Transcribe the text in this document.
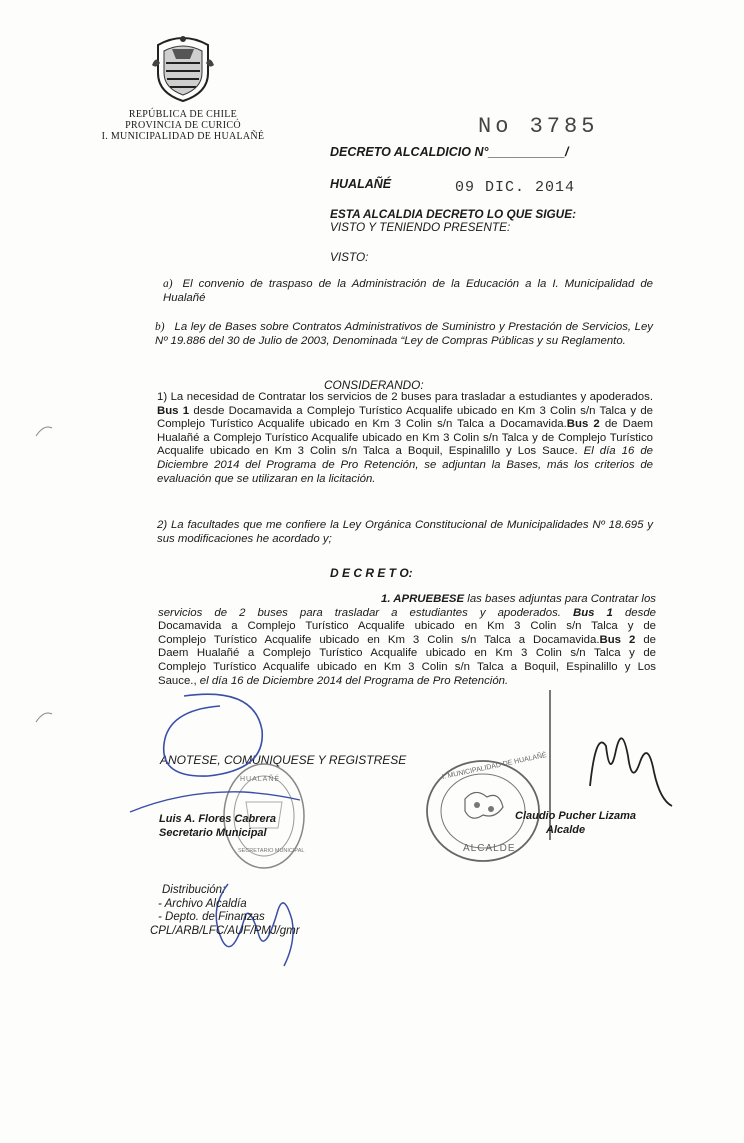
REPÚBLICA DE CHILE
PROVINCIA DE CURICÓ
I. MUNICIPALIDAD DE HUALAÑÉ	No 3785
DECRETO ALCALDICIO N°___________/
HUALAÑÉ	09 DIC. 2014
ESTA ALCALDIA DECRETO LO QUE SIGUE:
VISTO Y TENIENDO PRESENTE:
VISTO:
a) El convenio de traspaso de la Administración de la Educación a la I. Municipalidad de Hualañé
b) La ley de Bases sobre Contratos Administrativos de Suministro y Prestación de Servicios, Ley Nº 19.886 del 30 de Julio de 2003, Denominada “Ley de Compras Públicas y su Reglamento.
CONSIDERANDO:
1) La necesidad de Contratar los servicios de 2 buses para trasladar a estudiantes y apoderados. Bus 1 desde Docamavida a Complejo Turístico Acqualife ubicado en Km 3 Colin s/n Talca y de Complejo Turístico Acqualife ubicado en Km 3 Colin s/n Talca a Docamavida.Bus 2 de Daem Hualañé a Complejo Turístico Acqualife ubicado en Km 3 Colin s/n Talca y de Complejo Turístico Acqualife ubicado en Km 3 Colin s/n Talca a Boquil, Espinalillo y Los Sauce. El día 16 de Diciembre 2014 del Programa de Pro Retención, se adjuntan la Bases, más los criterios de evaluación que se utilizaran en la licitación.
2) La facultades que me confiere la Ley Orgánica Constitucional de Municipalidades Nº 18.695 y sus modificaciones he acordado y;
D E C R E T O:
1. APRUEBESE las bases adjuntas para Contratar los
servicios de 2 buses para trasladar a estudiantes y apoderados. Bus 1 desde
Docamavida a Complejo Turístico Acqualife ubicado en Km 3 Colin s/n Talca y de
Complejo Turístico Acqualife ubicado en Km 3 Colin s/n Talca a Docamavida.Bus 2 de
Daem Hualañé a Complejo Turístico Acqualife ubicado en Km 3 Colin s/n Talca y de
Complejo Turístico Acqualife ubicado en Km 3 Colin s/n Talca a Boquil, Espinalillo y Los
Sauce., el día 16 de Diciembre 2014 del Programa de Pro Retención.
ANOTESE, COMUNIQUESE Y REGISTRESE
HUALAÑÉ
SECRETARIO MUNICIPAL
I. MUNICIPALIDAD DE HUALAÑÉ
ALCALDE
Luis A. Flores Cabrera
Secretario Municipal
Claudio Pucher Lizama
Alcalde
Distribución:
- Archivo Alcaldía
- Depto. de Finanzas
CPL/ARB/LFC/AUF/PMJ/gmr
